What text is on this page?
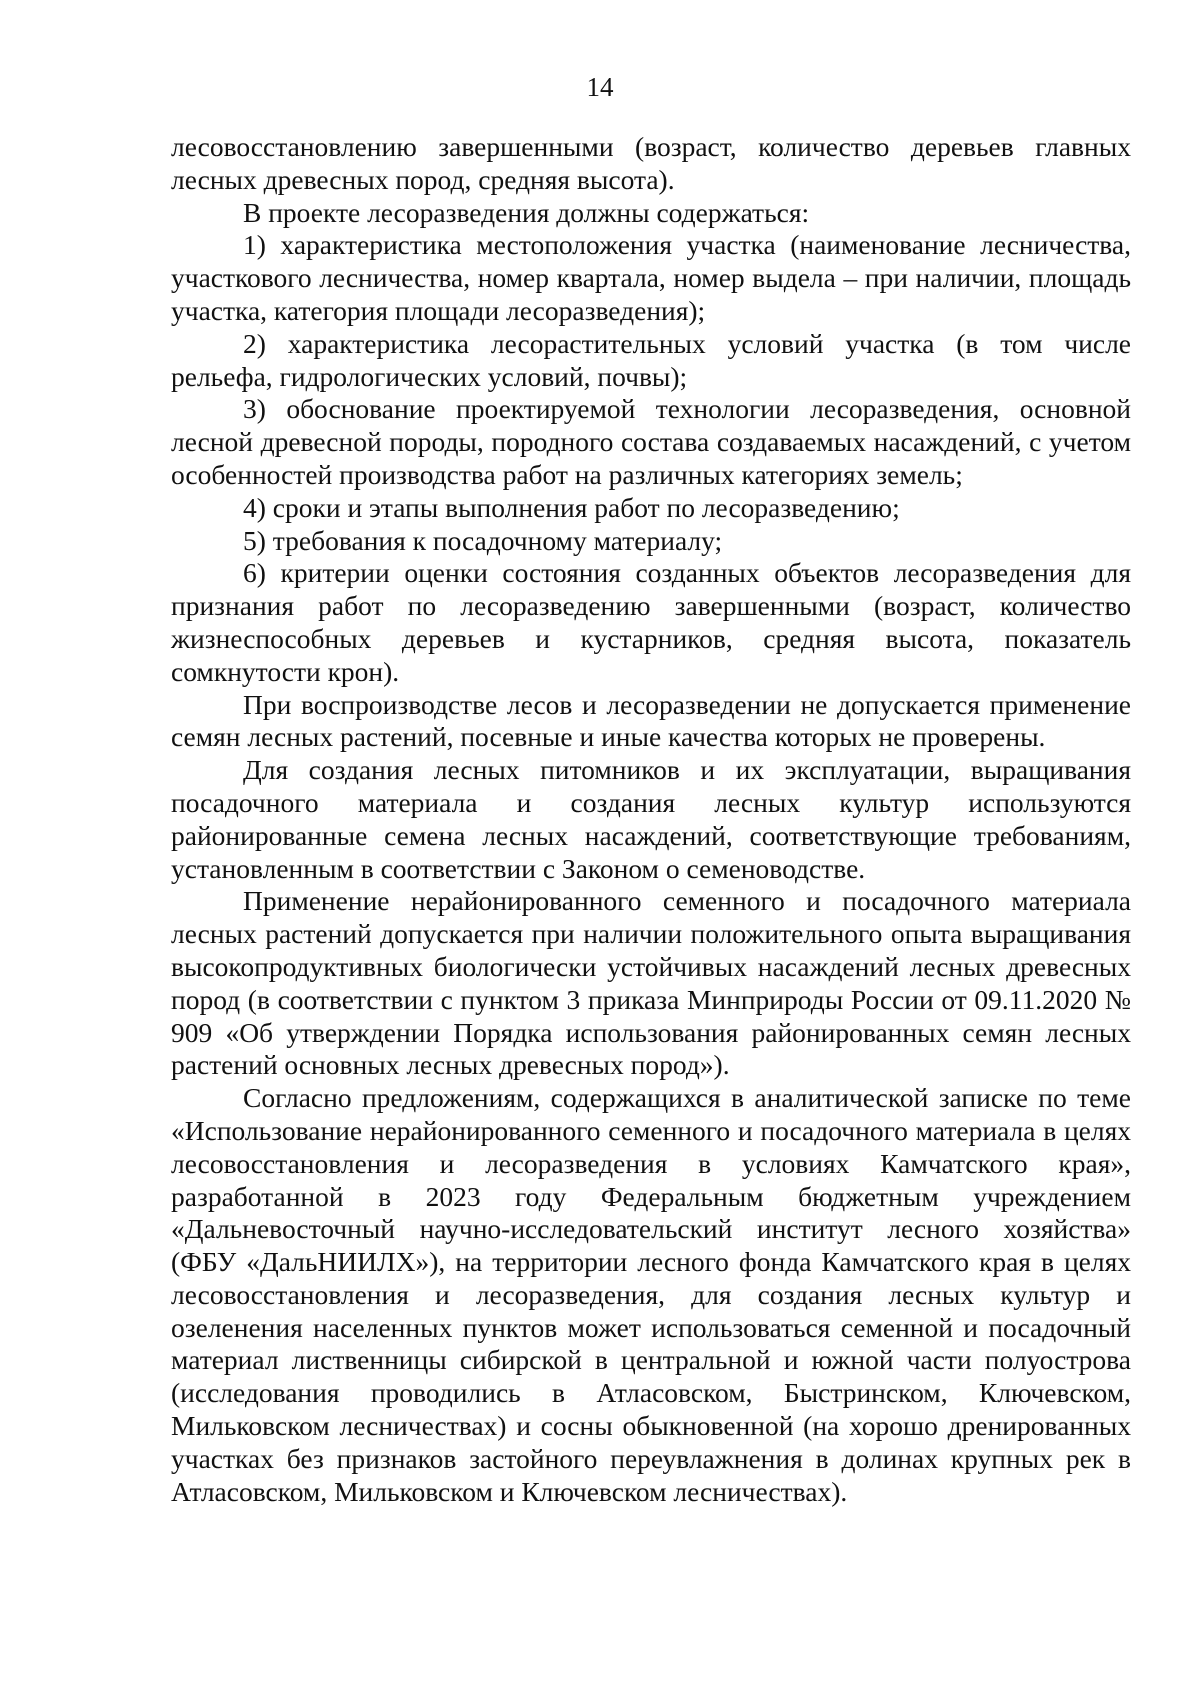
14

лесовосстановлению завершенными (возраст, количество деревьев главных лесных древесных пород, средняя высота).

В проекте лесоразведения должны содержаться:

1) характеристика местоположения участка (наименование лесничества, участкового лесничества, номер квартала, номер выдела – при наличии, площадь участка, категория площади лесоразведения);

2) характеристика лесорастительных условий участка (в том числе рельефа, гидрологических условий, почвы);

3) обоснование проектируемой технологии лесоразведения, основной лесной древесной породы, породного состава создаваемых насаждений, с учетом особенностей производства работ на различных категориях земель;

4) сроки и этапы выполнения работ по лесоразведению;

5) требования к посадочному материалу;

6) критерии оценки состояния созданных объектов лесоразведения для признания работ по лесоразведению завершенными (возраст, количество жизнеспособных деревьев и кустарников, средняя высота, показатель сомкнутости крон).

При воспроизводстве лесов и лесоразведении не допускается применение семян лесных растений, посевные и иные качества которых не проверены.

Для создания лесных питомников и их эксплуатации, выращивания посадочного материала и создания лесных культур используются районированные семена лесных насаждений, соответствующие требованиям, установленным в соответствии с Законом о семеноводстве.

Применение нерайонированного семенного и посадочного материала лесных растений допускается при наличии положительного опыта выращивания высокопродуктивных биологически устойчивых насаждений лесных древесных пород (в соответствии с пунктом 3 приказа Минприроды России от 09.11.2020 № 909 «Об утверждении Порядка использования районированных семян лесных растений основных лесных древесных пород»).

Согласно предложениям, содержащихся в аналитической записке по теме «Использование нерайонированного семенного и посадочного материала в целях лесовосстановления и лесоразведения в условиях Камчатского края», разработанной в 2023 году Федеральным бюджетным учреждением «Дальневосточный научно-исследовательский институт лесного хозяйства» (ФБУ «ДальНИИЛХ»), на территории лесного фонда Камчатского края в целях лесовосстановления и лесоразведения, для создания лесных культур и озеленения населенных пунктов может использоваться семенной и посадочный материал лиственницы сибирской в центральной и южной части полуострова (исследования проводились в Атласовском, Быстринском, Ключевском, Мильковском лесничествах) и сосны обыкновенной (на хорошо дренированных участках без признаков застойного переувлажнения в долинах крупных рек в Атласовском, Мильковском и Ключевском лесничествах).
